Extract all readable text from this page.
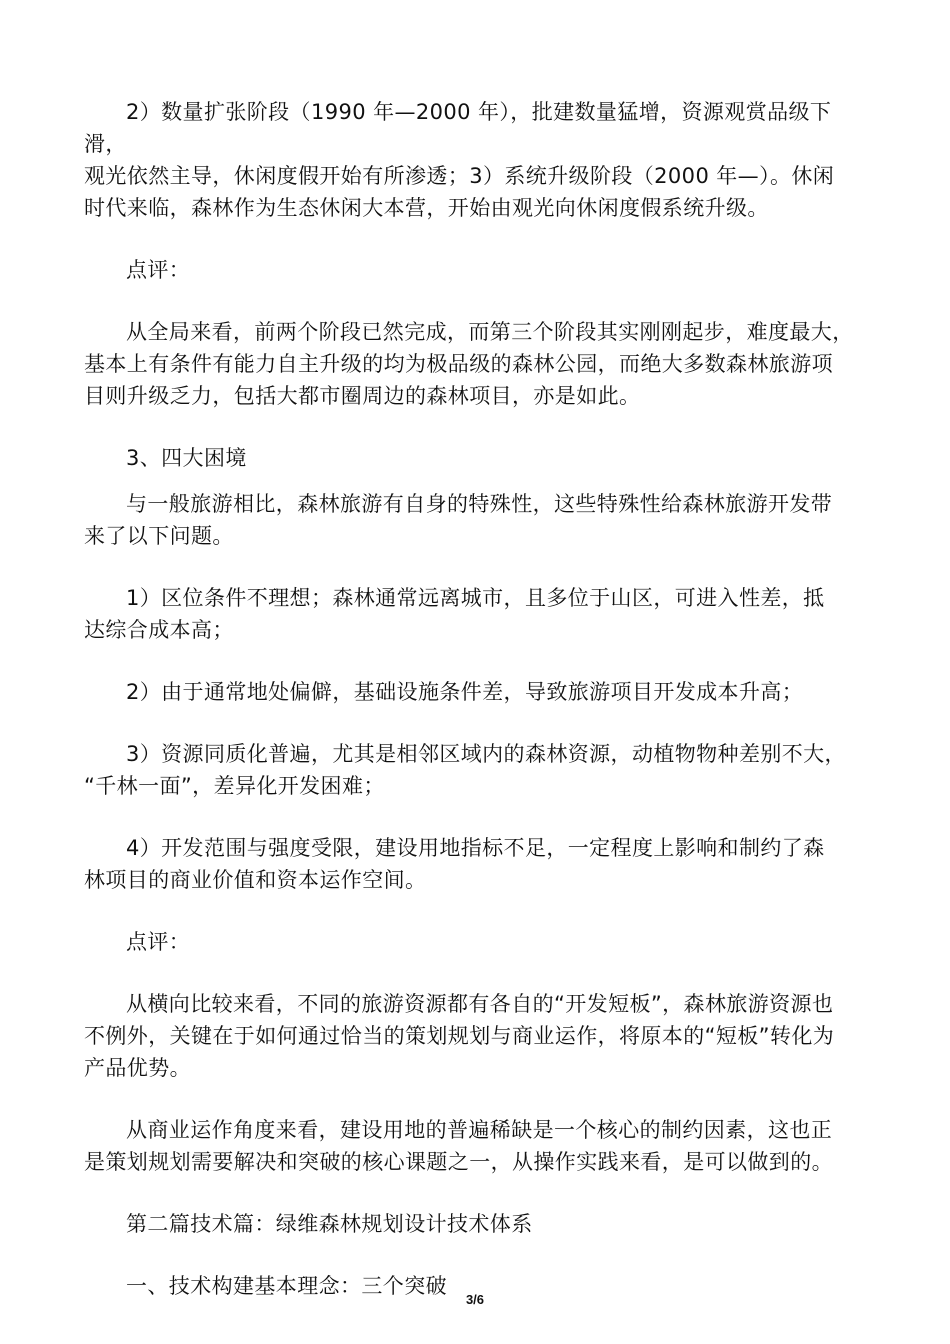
2）数量扩张阶段（1990 年—2000 年），批建数量猛增，资源观赏品级下滑，
观光依然主导，休闲度假开始有所渗透；3）系统升级阶段（2000 年—）。休闲
时代来临，森林作为生态休闲大本营，开始由观光向休闲度假系统升级。

点评：

从全局来看，前两个阶段已然完成，而第三个阶段其实刚刚起步，难度最大，
基本上有条件有能力自主升级的均为极品级的森林公园，而绝大多数森林旅游项
目则升级乏力，包括大都市圈周边的森林项目，亦是如此。

3、四大困境

与一般旅游相比，森林旅游有自身的特殊性，这些特殊性给森林旅游开发带
来了以下问题。

1）区位条件不理想；森林通常远离城市，且多位于山区，可进入性差，抵
达综合成本高；

2）由于通常地处偏僻，基础设施条件差，导致旅游项目开发成本升高；

3）资源同质化普遍，尤其是相邻区域内的森林资源，动植物物种差别不大，
“千林一面”，差异化开发困难；

4）开发范围与强度受限，建设用地指标不足，一定程度上影响和制约了森
林项目的商业价值和资本运作空间。

点评：

从横向比较来看，不同的旅游资源都有各自的“开发短板”，森林旅游资源也
不例外，关键在于如何通过恰当的策划规划与商业运作，将原本的“短板”转化为
产品优势。

从商业运作角度来看，建设用地的普遍稀缺是一个核心的制约因素，这也正
是策划规划需要解决和突破的核心课题之一，从操作实践来看，是可以做到的。

第二篇技术篇：绿维森林规划设计技术体系

一、技术构建基本理念：三个突破

3/6
